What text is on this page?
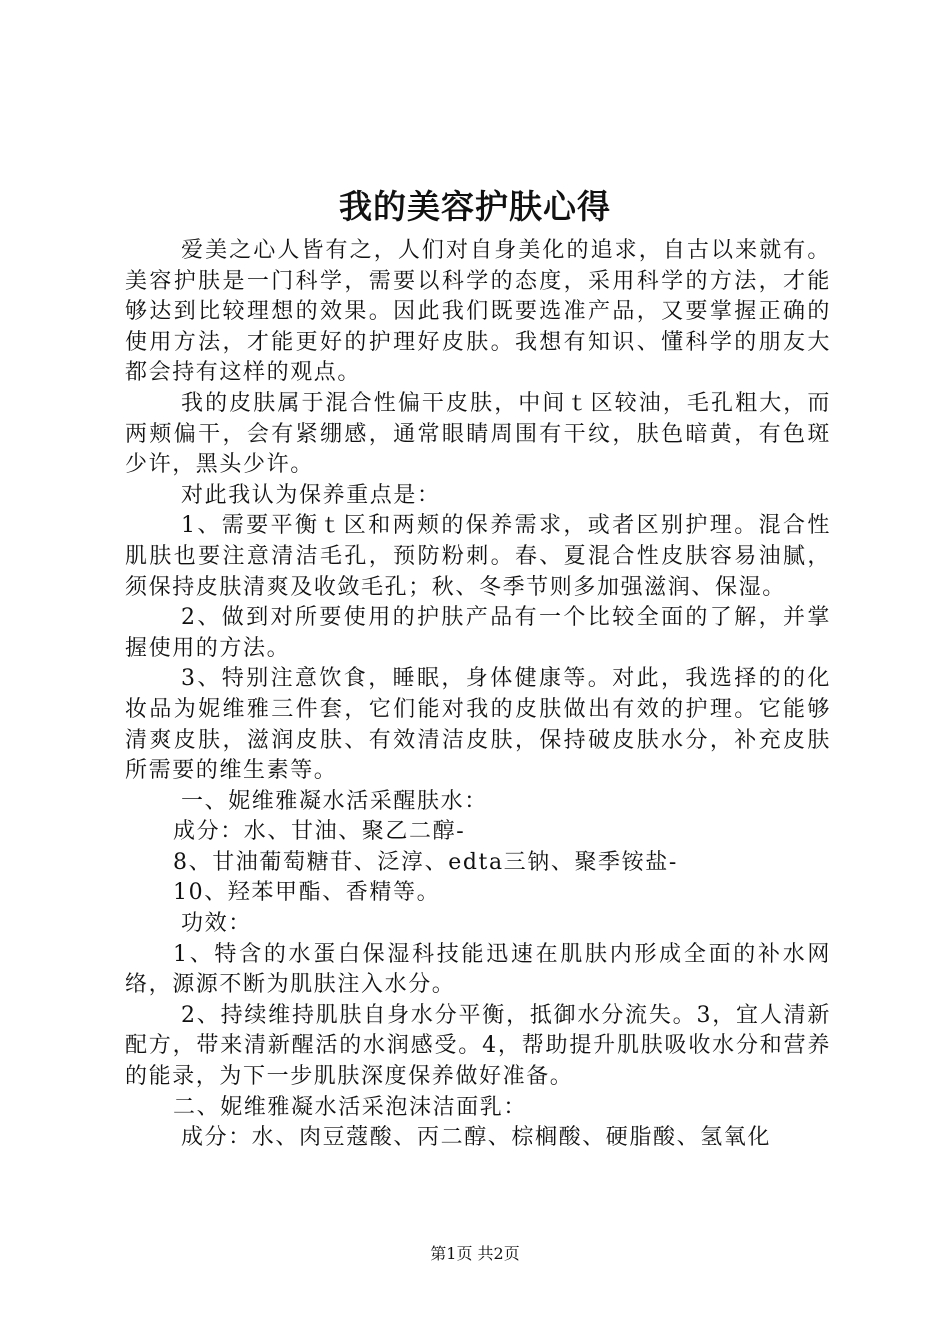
我的美容护肤心得

爱美之心人皆有之，人们对自身美化的追求，自古以来就有。美容护肤是一门科学，需要以科学的态度，采用科学的方法，才能够达到比较理想的效果。因此我们既要选准产品，又要掌握正确的使用方法，才能更好的护理好皮肤。我想有知识、懂科学的朋友大都会持有这样的观点。

我的皮肤属于混合性偏干皮肤，中间ｔ区较油，毛孔粗大，而两颊偏干，会有紧绷感，通常眼睛周围有干纹，肤色暗黄，有色斑少许，黑头少许。

对此我认为保养重点是：

1、需要平衡ｔ区和两颊的保养需求，或者区别护理。混合性肌肤也要注意清洁毛孔，预防粉刺。春、夏混合性皮肤容易油腻，须保持皮肤清爽及收敛毛孔；秋、冬季节则多加强滋润、保湿。

2、做到对所要使用的护肤产品有一个比较全面的了解，并掌握使用的方法。

3、特别注意饮食，睡眠，身体健康等。对此，我选择的的化妆品为妮维雅三件套，它们能对我的皮肤做出有效的护理。它能够清爽皮肤，滋润皮肤、有效清洁皮肤，保持破皮肤水分，补充皮肤所需要的维生素等。

一、妮维雅凝水活采醒肤水：

成分：水、甘油、聚乙二醇-

8、甘油葡萄糖苷、泛淳、edta三钠、聚季铵盐-

10、羟苯甲酯、香精等。

功效：

1、特含的水蛋白保湿科技能迅速在肌肤内形成全面的补水网络，源源不断为肌肤注入水分。

2、持续维持肌肤自身水分平衡，抵御水分流失。3，宜人清新配方，带来清新醒活的水润感受。4，帮助提升肌肤吸收水分和营养的能录，为下一步肌肤深度保养做好准备。

二、妮维雅凝水活采泡沫洁面乳：

成分：水、肉豆蔻酸、丙二醇、棕榈酸、硬脂酸、氢氧化

第1页 共2页
